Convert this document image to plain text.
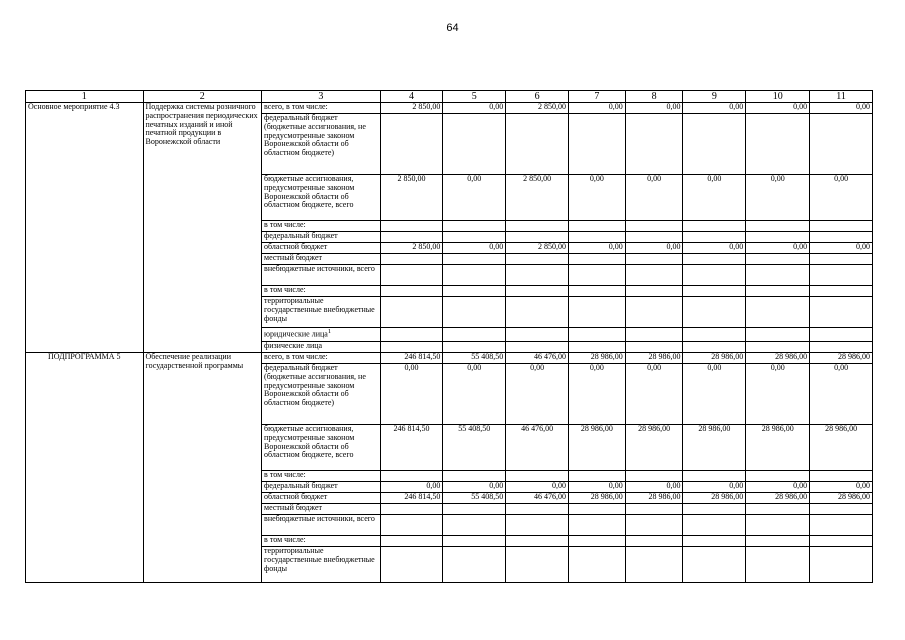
64
1	2	3	4	5	6	7	8	9	10	11
Основное мероприятие 4.3	Поддержка системы розничного распространения периодических печатных изданий и иной печатной продукции в Воронежской области	всего, в том числе:	2 850,00	0,00	2 850,00	0,00	0,00	0,00	0,00	0,00
		федеральный бюджет (бюджетные ассигнования, не предусмотренные законом Воронежской области об областном бюджете)								
		бюджетные ассигнования, предусмотренные законом Воронежской области об областном бюджете, всего	2 850,00	0,00	2 850,00	0,00	0,00	0,00	0,00	0,00
		в том числе:								
		федеральный бюджет								
		областной бюджет	2 850,00	0,00	2 850,00	0,00	0,00	0,00	0,00	0,00
		местный бюджет								
		внебюджетные источники, всего								
		в том числе:								
		территориальные государственные внебюджетные фонды								
		юридические лица$^1$								
		физические лица								
ПОДПРОГРАММА 5	Обеспечение реализации государственной программы	всего, в том числе:	246 814,50	55 408,50	46 476,00	28 986,00	28 986,00	28 986,00	28 986,00	28 986,00
		федеральный бюджет (бюджетные ассигнования, не предусмотренные законом Воронежской области об областном бюджете)	0,00	0,00	0,00	0,00	0,00	0,00	0,00	0,00
		бюджетные ассигнования, предусмотренные законом Воронежской области об областном бюджете, всего	246 814,50	55 408,50	46 476,00	28 986,00	28 986,00	28 986,00	28 986,00	28 986,00
		в том числе:								
		федеральный бюджет	0,00	0,00	0,00	0,00	0,00	0,00	0,00	0,00
		областной бюджет	246 814,50	55 408,50	46 476,00	28 986,00	28 986,00	28 986,00	28 986,00	28 986,00
		местный бюджет								
		внебюджетные источники, всего								
		в том числе:								
		территориальные государственные внебюджетные фонды								
